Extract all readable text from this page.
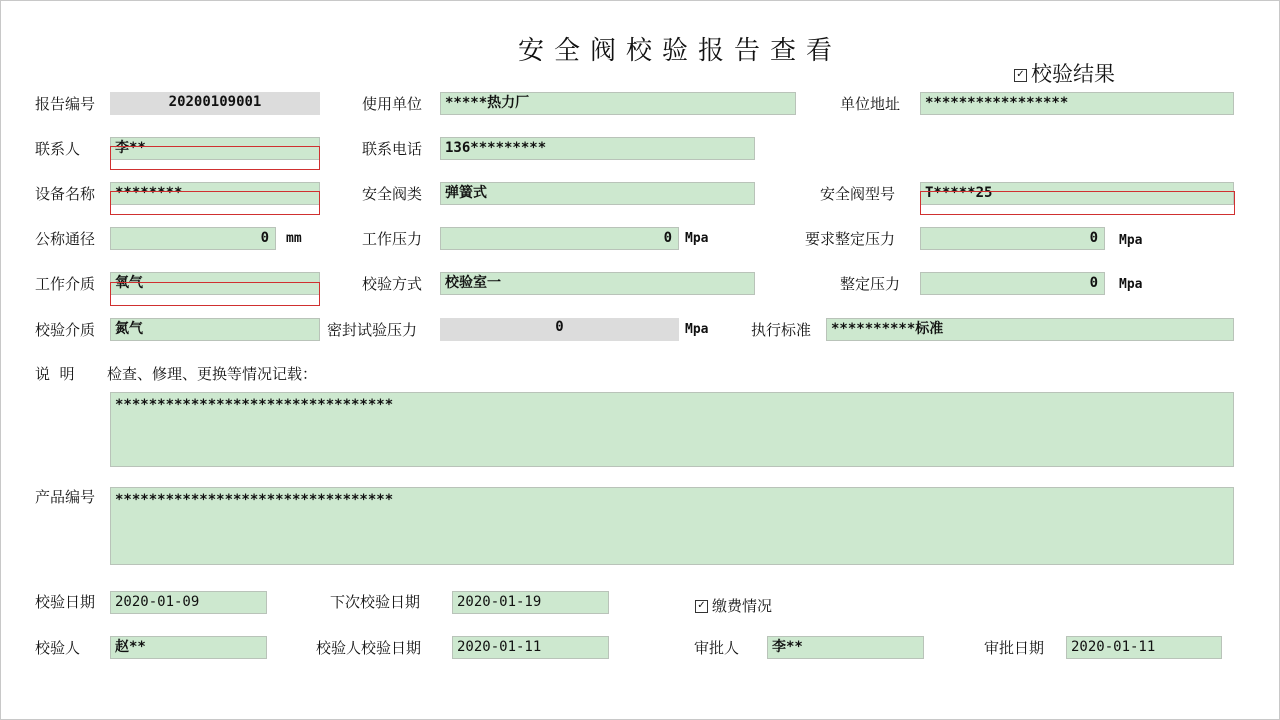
安全阀校验报告查看
✓ 校验结果
报告编号	20200109001	使用单位	*****热力厂	单位地址	*****************
联系人	李**	联系电话	136*********
设备名称	********	安全阀类	弹簧式	安全阀型号	T*****25
公称通径	0	mm	工作压力	0	Mpa	要求整定压力	0	Mpa
工作介质	氧气	校验方式	校验室一	整定压力	0	Mpa
校验介质	氮气	密封试验压力	0	Mpa	执行标准	**********标准
说  明 检查、修理、更换等情况记载：
*********************************
产品编号	*********************************
校验日期	2020-01-09	下次校验日期	2020-01-19	✓ 缴费情况
校验人	赵**	校验人校验日期	2020-01-11	审批人	李**	审批日期	2020-01-11
